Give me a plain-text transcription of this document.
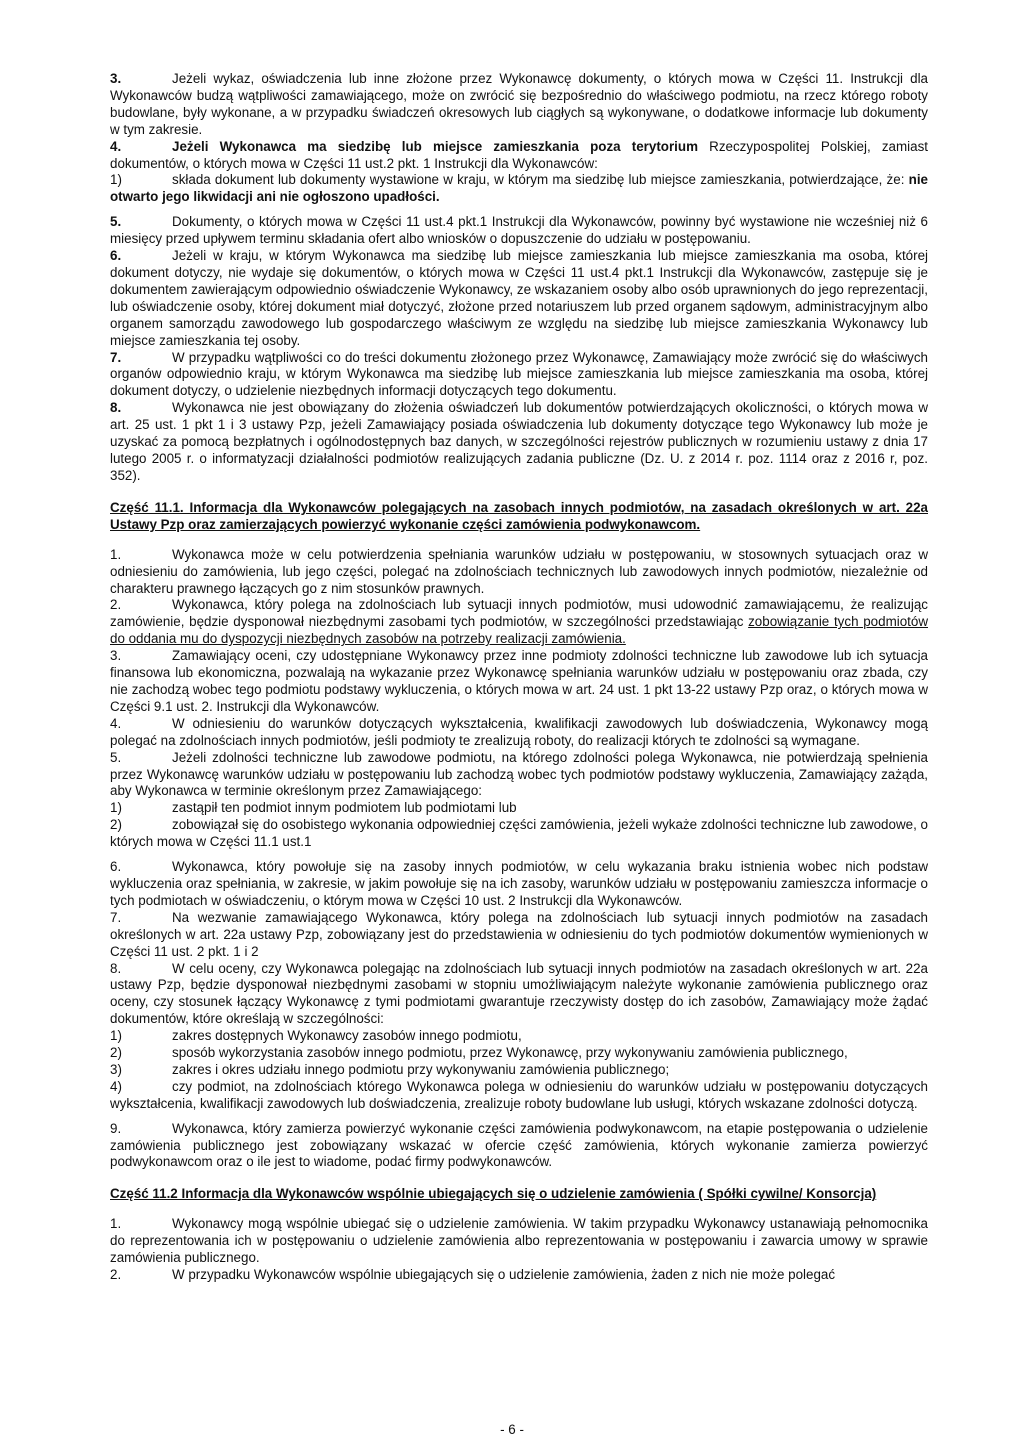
3.	Jeżeli wykaz, oświadczenia lub inne złożone przez Wykonawcę dokumenty, o których mowa w Części 11. Instrukcji dla Wykonawców budzą wątpliwości zamawiającego, może on zwrócić się bezpośrednio do właściwego podmiotu, na rzecz którego roboty budowlane, były wykonane, a w przypadku świadczeń okresowych lub ciągłych są wykonywane, o dodatkowe informacje lub dokumenty w tym zakresie.

4.	Jeżeli Wykonawca ma siedzibę lub miejsce zamieszkania poza terytorium Rzeczypospolitej Polskiej, zamiast dokumentów, o których mowa w Części 11 ust.2 pkt. 1 Instrukcji dla Wykonawców:

1)	składa dokument lub dokumenty wystawione w kraju, w którym ma siedzibę lub miejsce zamieszkania, potwierdzające, że: nie otwarto jego likwidacji ani nie ogłoszono upadłości.

5.	Dokumenty, o których mowa w Części 11 ust.4 pkt.1 Instrukcji dla Wykonawców, powinny być wystawione nie wcześniej niż 6 miesięcy przed upływem terminu składania ofert albo wniosków o dopuszczenie do udziału w postępowaniu.

6.	Jeżeli w kraju, w którym Wykonawca ma siedzibę lub miejsce zamieszkania lub miejsce zamieszkania ma osoba, której dokument dotyczy, nie wydaje się dokumentów, o których mowa w Części 11 ust.4 pkt.1 Instrukcji dla Wykonawców, zastępuje się je dokumentem zawierającym odpowiednio oświadczenie Wykonawcy, ze wskazaniem osoby albo osób uprawnionych do jego reprezentacji, lub oświadczenie osoby, której dokument miał dotyczyć, złożone przed notariuszem lub przed organem sądowym, administracyjnym albo organem samorządu zawodowego lub gospodarczego właściwym ze względu na siedzibę lub miejsce zamieszkania Wykonawcy lub miejsce zamieszkania tej osoby.

7.	W przypadku wątpliwości co do treści dokumentu złożonego przez Wykonawcę, Zamawiający może zwrócić się do właściwych organów odpowiednio kraju, w którym Wykonawca ma siedzibę lub miejsce zamieszkania lub miejsce zamieszkania ma osoba, której dokument dotyczy, o udzielenie niezbędnych informacji dotyczących tego dokumentu.

8.	Wykonawca nie jest obowiązany do złożenia oświadczeń lub dokumentów potwierdzających okoliczności, o których mowa w art. 25 ust. 1 pkt 1 i 3 ustawy Pzp, jeżeli Zamawiający posiada oświadczenia lub dokumenty dotyczące tego Wykonawcy lub może je uzyskać za pomocą bezpłatnych i ogólnodostępnych baz danych, w szczególności rejestrów publicznych w rozumieniu ustawy z dnia 17 lutego 2005 r. o informatyzacji działalności podmiotów realizujących zadania publiczne (Dz. U. z 2014 r. poz. 1114 oraz z 2016 r, poz. 352).

Część 11.1. Informacja dla Wykonawców polegających na zasobach innych podmiotów, na zasadach określonych w art. 22a Ustawy Pzp oraz zamierzających powierzyć wykonanie części zamówienia podwykonawcom.

1.	Wykonawca może w celu potwierdzenia spełniania warunków udziału w postępowaniu, w stosownych sytuacjach oraz w odniesieniu do zamówienia, lub jego części, polegać na zdolnościach technicznych lub zawodowych innych podmiotów, niezależnie od charakteru prawnego łączących go z nim stosunków prawnych.

2.	Wykonawca, który polega na zdolnościach lub sytuacji innych podmiotów, musi udowodnić zamawiającemu, że realizując zamówienie, będzie dysponował niezbędnymi zasobami tych podmiotów, w szczególności przedstawiając zobowiązanie tych podmiotów do oddania mu do dyspozycji niezbędnych zasobów na potrzeby realizacji zamówienia.

3.	Zamawiający oceni, czy udostępniane Wykonawcy przez inne podmioty zdolności techniczne lub zawodowe lub ich sytuacja finansowa lub ekonomiczna, pozwalają na wykazanie przez Wykonawcę spełniania warunków udziału w postępowaniu oraz zbada, czy nie zachodzą wobec tego podmiotu podstawy wykluczenia, o których mowa w art. 24 ust. 1 pkt 13-22 ustawy Pzp oraz, o których mowa w Części 9.1 ust. 2. Instrukcji dla Wykonawców.

4.	W odniesieniu do warunków dotyczących wykształcenia, kwalifikacji zawodowych lub doświadczenia, Wykonawcy mogą polegać na zdolnościach innych podmiotów, jeśli podmioty te zrealizują roboty, do realizacji których te zdolności są wymagane.

5.	Jeżeli zdolności techniczne lub zawodowe podmiotu, na którego zdolności polega Wykonawca, nie potwierdzają spełnienia przez Wykonawcę warunków udziału w postępowaniu lub zachodzą wobec tych podmiotów podstawy wykluczenia, Zamawiający zażąda, aby Wykonawca w terminie określonym przez Zamawiającego:

1)	zastąpił ten podmiot innym podmiotem lub podmiotami lub

2)	zobowiązał się do osobistego wykonania odpowiedniej części zamówienia, jeżeli wykaże zdolności techniczne lub zawodowe, o których mowa w Części 11.1 ust.1

6.	Wykonawca, który powołuje się na zasoby innych podmiotów, w celu wykazania braku istnienia wobec nich podstaw wykluczenia oraz spełniania, w zakresie, w jakim powołuje się na ich zasoby, warunków udziału w postępowaniu zamieszcza informacje o tych podmiotach w oświadczeniu, o którym mowa w Części 10 ust. 2 Instrukcji dla Wykonawców.

7.	Na wezwanie zamawiającego Wykonawca, który polega na zdolnościach lub sytuacji innych podmiotów na zasadach określonych w art. 22a ustawy Pzp, zobowiązany jest do przedstawienia w odniesieniu do tych podmiotów dokumentów wymienionych w Części 11 ust. 2 pkt. 1 i 2

8.	W celu oceny, czy Wykonawca polegając na zdolnościach lub sytuacji innych podmiotów na zasadach określonych w art. 22a ustawy Pzp, będzie dysponował niezbędnymi zasobami w stopniu umożliwiającym należyte wykonanie zamówienia publicznego oraz oceny, czy stosunek łączący Wykonawcę z tymi podmiotami gwarantuje rzeczywisty dostęp do ich zasobów, Zamawiający może żądać dokumentów, które określają w szczególności:

1)	zakres dostępnych Wykonawcy zasobów innego podmiotu,

2)	sposób wykorzystania zasobów innego podmiotu, przez Wykonawcę, przy wykonywaniu zamówienia publicznego,

3)	zakres i okres udziału innego podmiotu przy wykonywaniu zamówienia publicznego;

4)	czy podmiot, na zdolnościach którego Wykonawca polega w odniesieniu do warunków udziału w postępowaniu dotyczących wykształcenia, kwalifikacji zawodowych lub doświadczenia, zrealizuje roboty budowlane lub usługi, których wskazane zdolności dotyczą.

9.	Wykonawca, który zamierza powierzyć wykonanie części zamówienia podwykonawcom, na etapie postępowania o udzielenie zamówienia publicznego jest zobowiązany wskazać w ofercie część zamówienia, których wykonanie zamierza powierzyć podwykonawcom oraz o ile jest to wiadome, podać firmy podwykonawców.

Część 11.2 Informacja dla Wykonawców wspólnie ubiegających się o udzielenie zamówienia ( Spółki cywilne/ Konsorcja)

1.	Wykonawcy mogą wspólnie ubiegać się o udzielenie zamówienia. W takim przypadku Wykonawcy ustanawiają pełnomocnika do reprezentowania ich w postępowaniu o udzielenie zamówienia albo reprezentowania w postępowaniu i zawarcia umowy w sprawie zamówienia publicznego.

2.	W przypadku Wykonawców wspólnie ubiegających się o udzielenie zamówienia, żaden z nich nie może polegać

- 6 -
